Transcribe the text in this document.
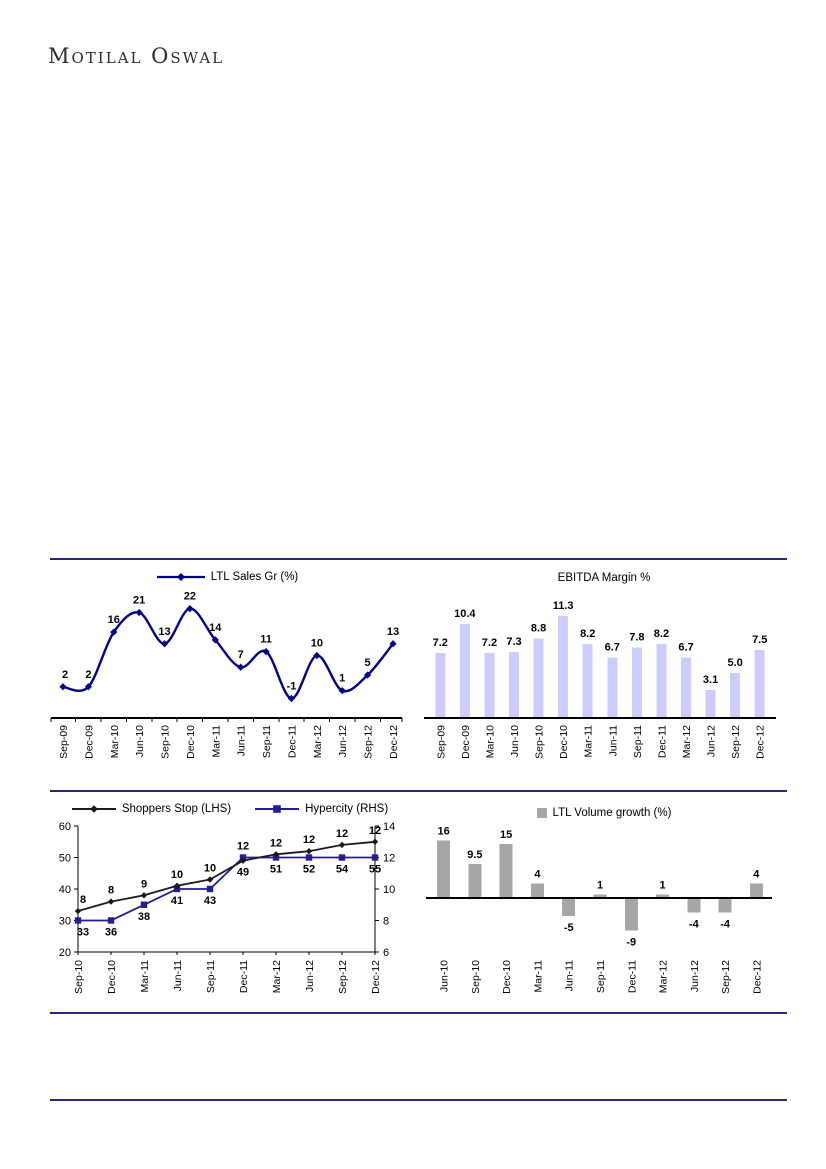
Motilal Oswal
LTL Sales Gr (%)
2 2
16
21
13
22
14
7
11
-1
10
1
5
13
Sep-09 Dec-09 Mar-10 Jun-10 Sep-10 Dec-10 Mar-11 Jun-11 Sep-11 Dec-11 Mar-12 Jun-12 Sep-12 Dec-12
EBITDA Margin %
7.2
10.4
7.2 7.3
8.8
11.3
8.2
6.7
7.8 8.2
6.7
3.1
5.0
7.5
Sep-09 Dec-09 Mar-10 Jun-10 Sep-10 Dec-10 Mar-11 Jun-11 Sep-11 Dec-11 Mar-12 Jun-12 Sep-12 Dec-12
Shoppers Stop (LHS)	Hypercity (RHS)
20
30
40
50
60
6
8
10
12
14
8
33
8
36
9
38
10
41
10
43
12
49
12
51
12
52
12
54
12
55
Sep-10 Dec-10 Mar-11 Jun-11 Sep-11 Dec-11 Mar-12 Jun-12 Sep-12 Dec-12
LTL Volume growth (%)
16
9.5
15
4
-5
1
-9
1
-4 -4
4
Jun-10 Sep-10 Dec-10 Mar-11 Jun-11 Sep-11 Dec-11 Mar-12 Jun-12 Sep-12 Dec-12
